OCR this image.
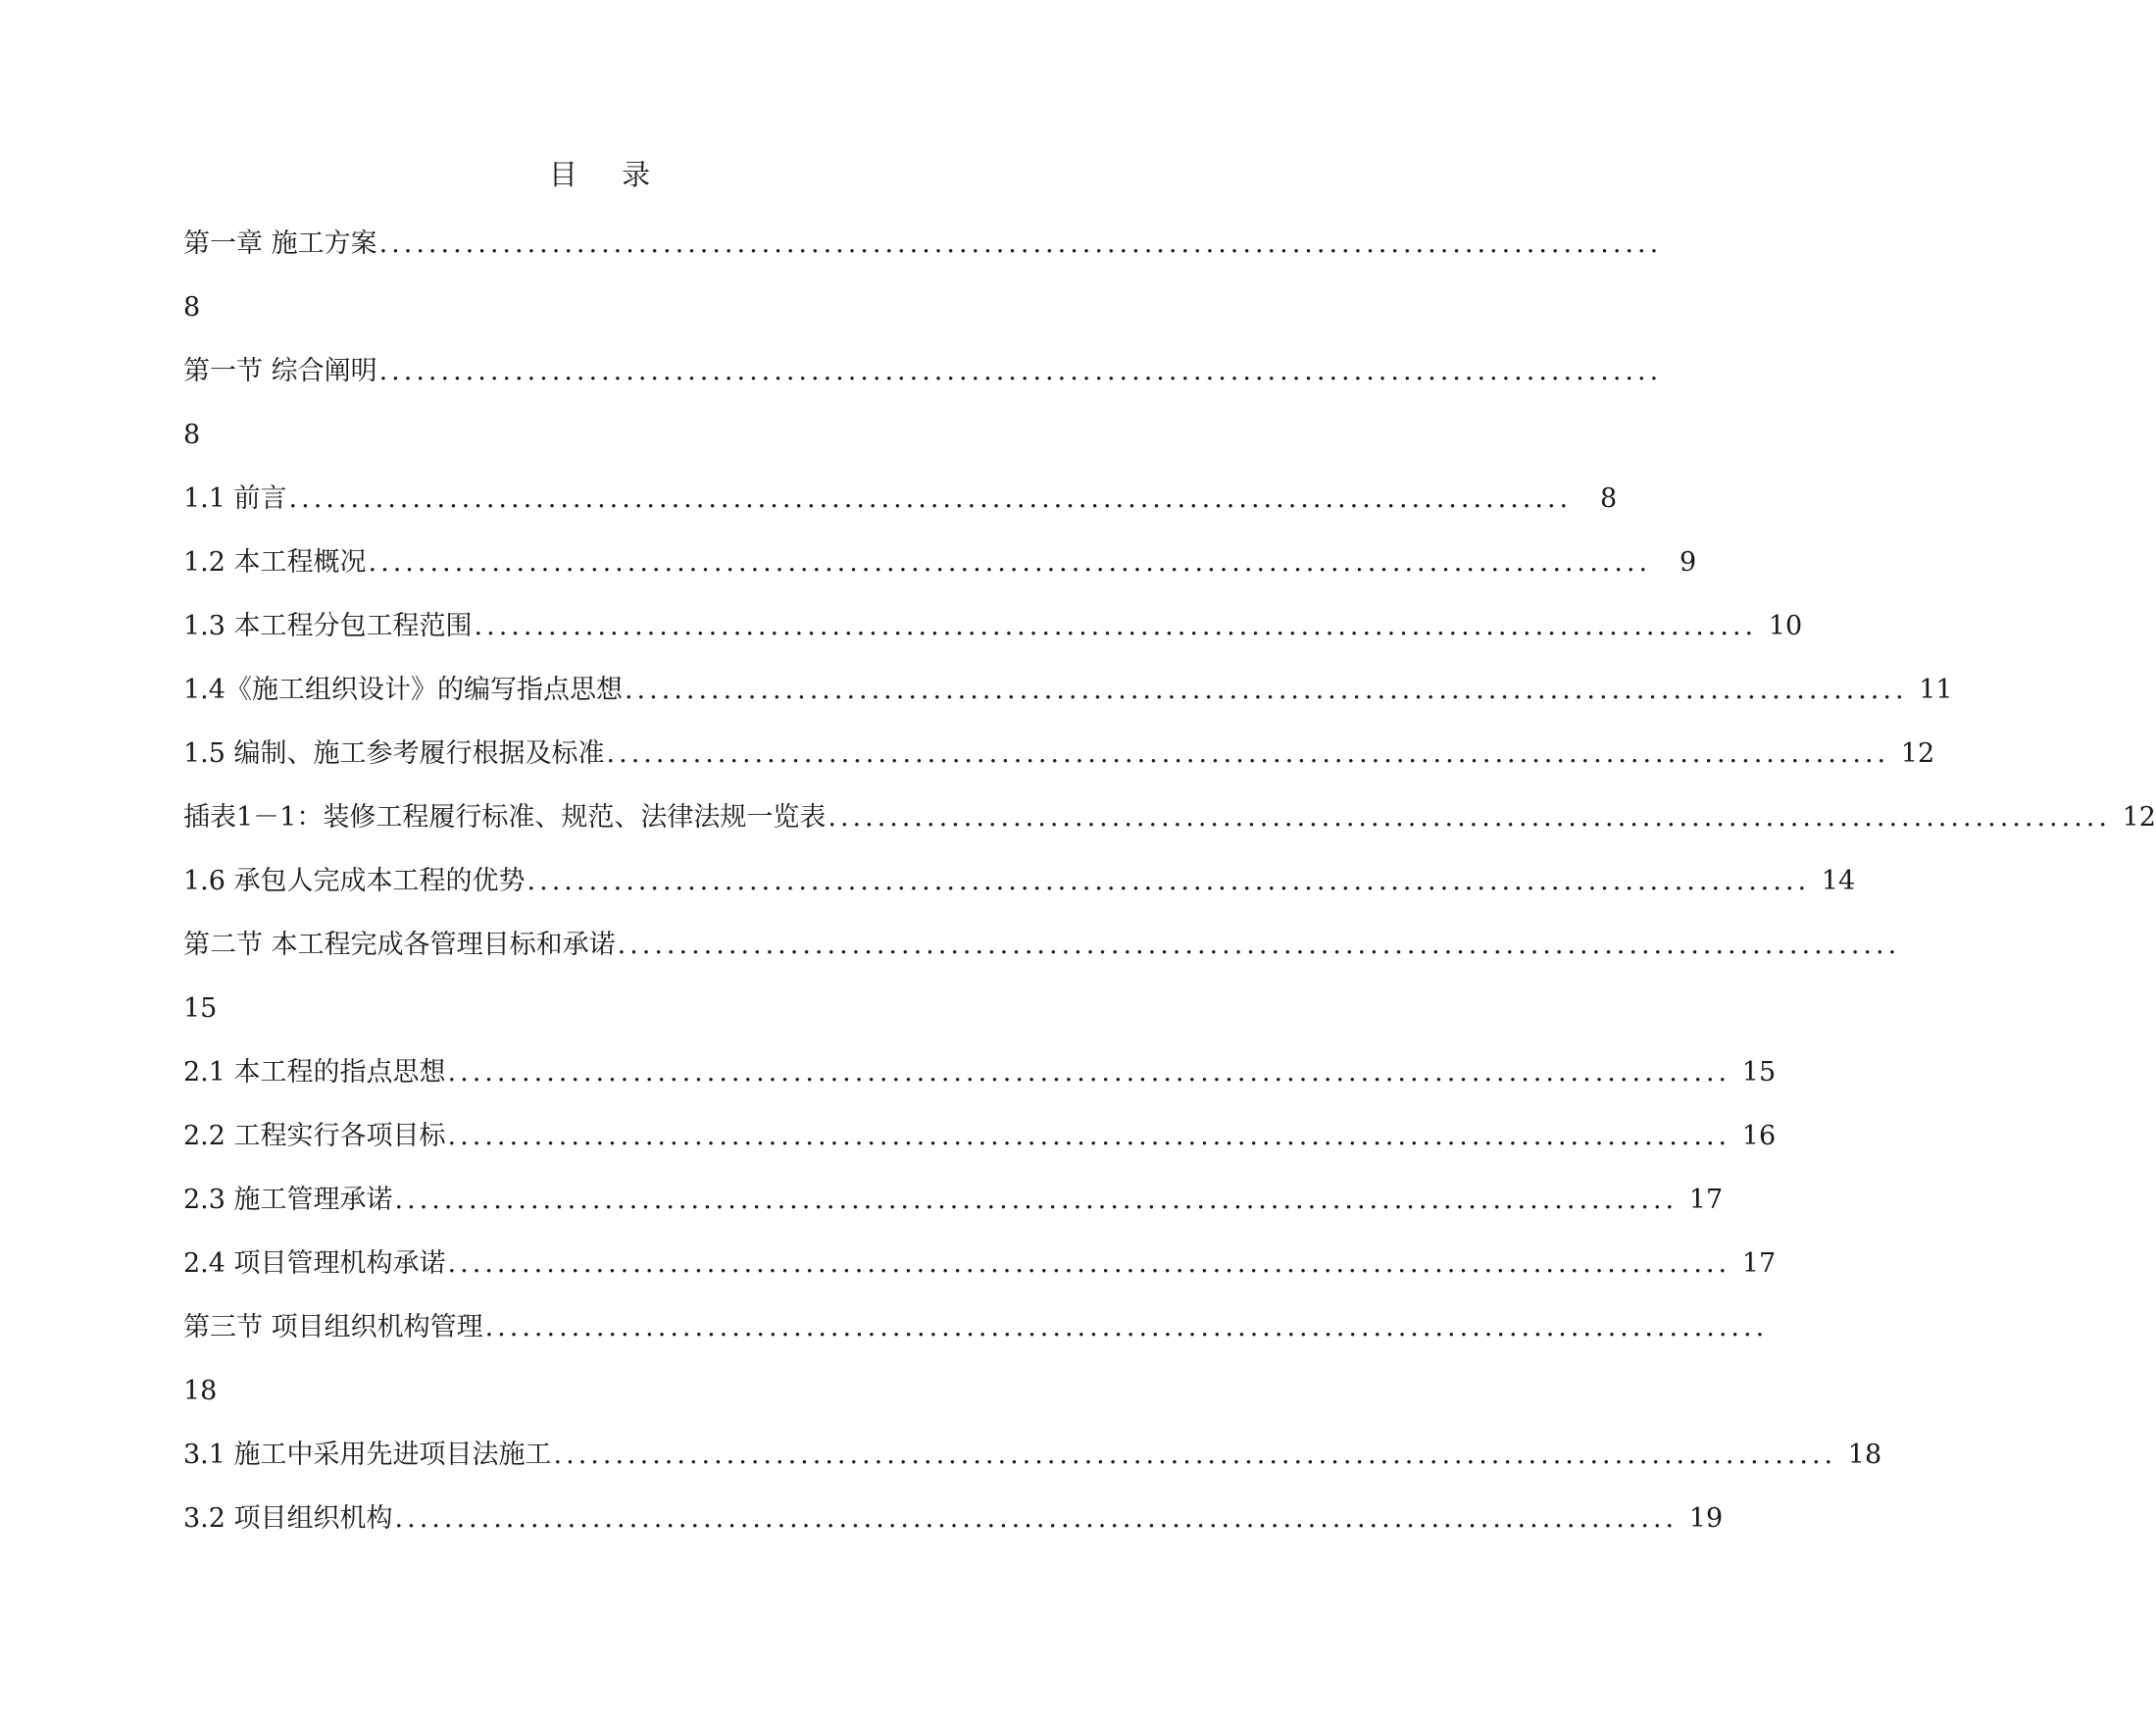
目 录
第一章 施工方案 ........................................................................................................
8
第一节 综合阐明 ........................................................................................................
8
1.1 前言 ........................................................................................................	8
1.2 本工程概况 ........................................................................................................	9
1.3 本工程分包工程范围 ........................................................................................................ 10
1.4《施工组织设计》的编写指点思想 ........................................................................................................ 11
1.5 编制、施工参考履行根据及标准 ........................................................................................................ 12
插表1－1：装修工程履行标准、规范、法律法规一览表 ........................................................................................................ 12
1.6 承包人完成本工程的优势 ........................................................................................................ 14
第二节 本工程完成各管理目标和承诺 ........................................................................................................
15
2.1 本工程的指点思想 ........................................................................................................ 15
2.2 工程实行各项目标 ........................................................................................................ 16
2.3 施工管理承诺 ........................................................................................................ 17
2.4 项目管理机构承诺 ........................................................................................................ 17
第三节 项目组织机构管理 ........................................................................................................
18
3.1 施工中采用先进项目法施工 ........................................................................................................ 18
3.2 项目组织机构 ........................................................................................................ 19
